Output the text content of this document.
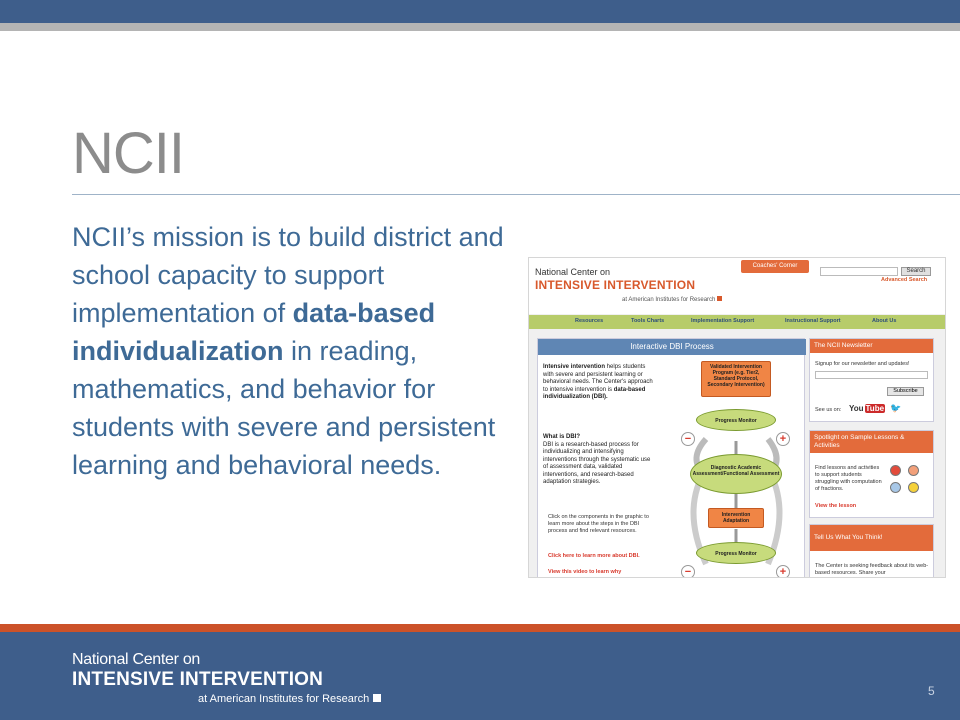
NCII
NCII’s mission is to build district and school capacity to support implementation of data-based individualization in reading, mathematics, and behavior for students with severe and persistent learning and behavioral needs.
National Center on
INTENSIVE INTERVENTION
at American Institutes for Research
Coaches' Corner
Search
Advanced Search
Resources	Tools Charts	Implementation Support	Instructional Support	About Us
Interactive DBI Process
Intensive intervention helps students with severe and persistent learning or behavioral needs. The Center's approach to intensive intervention is data-based individualization (DBI).
What is DBI?
DBI is a research-based process for individualizing and intensifying interventions through the systematic use of assessment data, validated interventions, and research-based adaptation strategies.
Click on the components in the graphic to learn more about the steps in the DBI process and find relevant resources.
Click here to learn more about DBI.
View this video to learn why
Validated Intervention Program (e.g. Tier2, Standard Protocol, Secondary Intervention)
Progress Monitor
−	+
Diagnostic Academic Assessment/Functional Assessment
Intervention Adaptation
Progress Monitor
−	+
The NCII Newsletter
Signup for our newsletter and updates!
Subscribe
See us on: You Tube 🐦
Spotlight on Sample Lessons & Activities
Find lessons and activities to support students struggling with computation of fractions.
View the lesson
Tell Us What You Think!
The Center is seeking feedback about its web-based resources. Share your
National Center on
INTENSIVE INTERVENTION
at American Institutes for Research
5
